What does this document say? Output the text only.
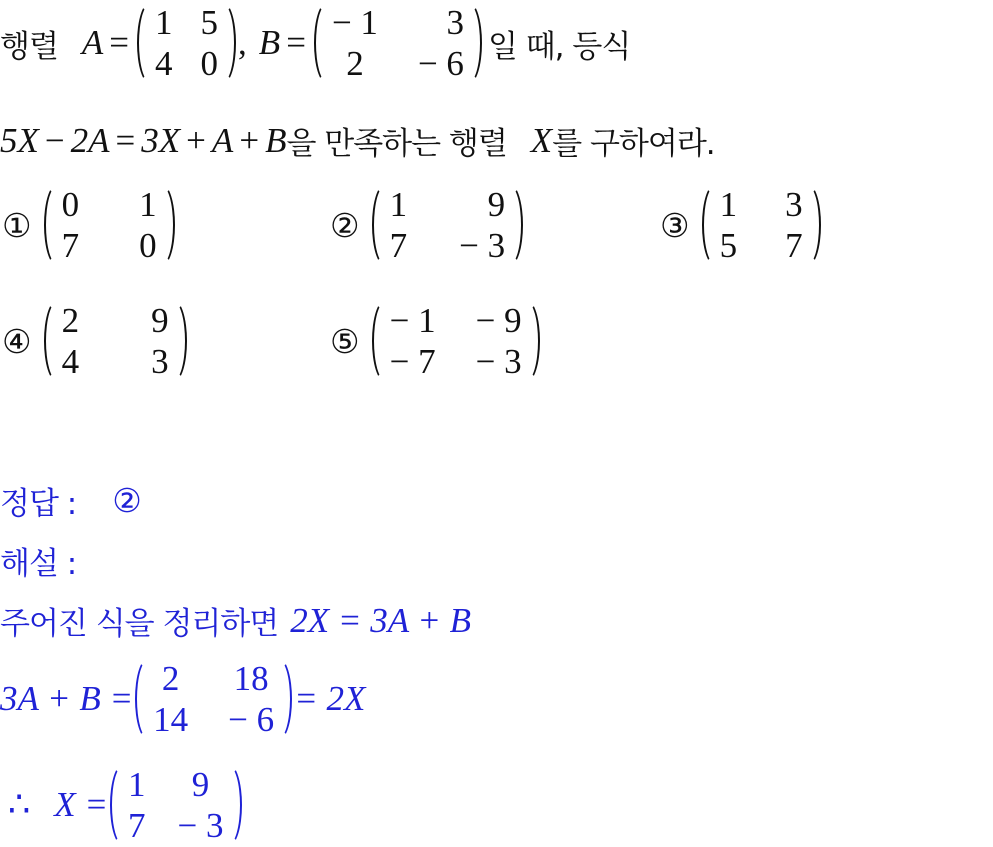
행렬 A =
1 5
4 0
, B =
− 1	3
2	− 6 일 때, 등식
5X − 2A = 3X + A + B 을 만족하는 행렬 X 를 구하여라.
①
0 1
7 0
②
1	9
7 − 3
③
1 3
5 7
④
2 9
4 3
⑤
− 1 − 9
− 7 − 3
정답 : ②
해설 :
주어진 식을 정리하면 2X = 3A + B
3A + B =
2 18
14 − 6
= 2X
∴ X =
1	9
7 − 3
